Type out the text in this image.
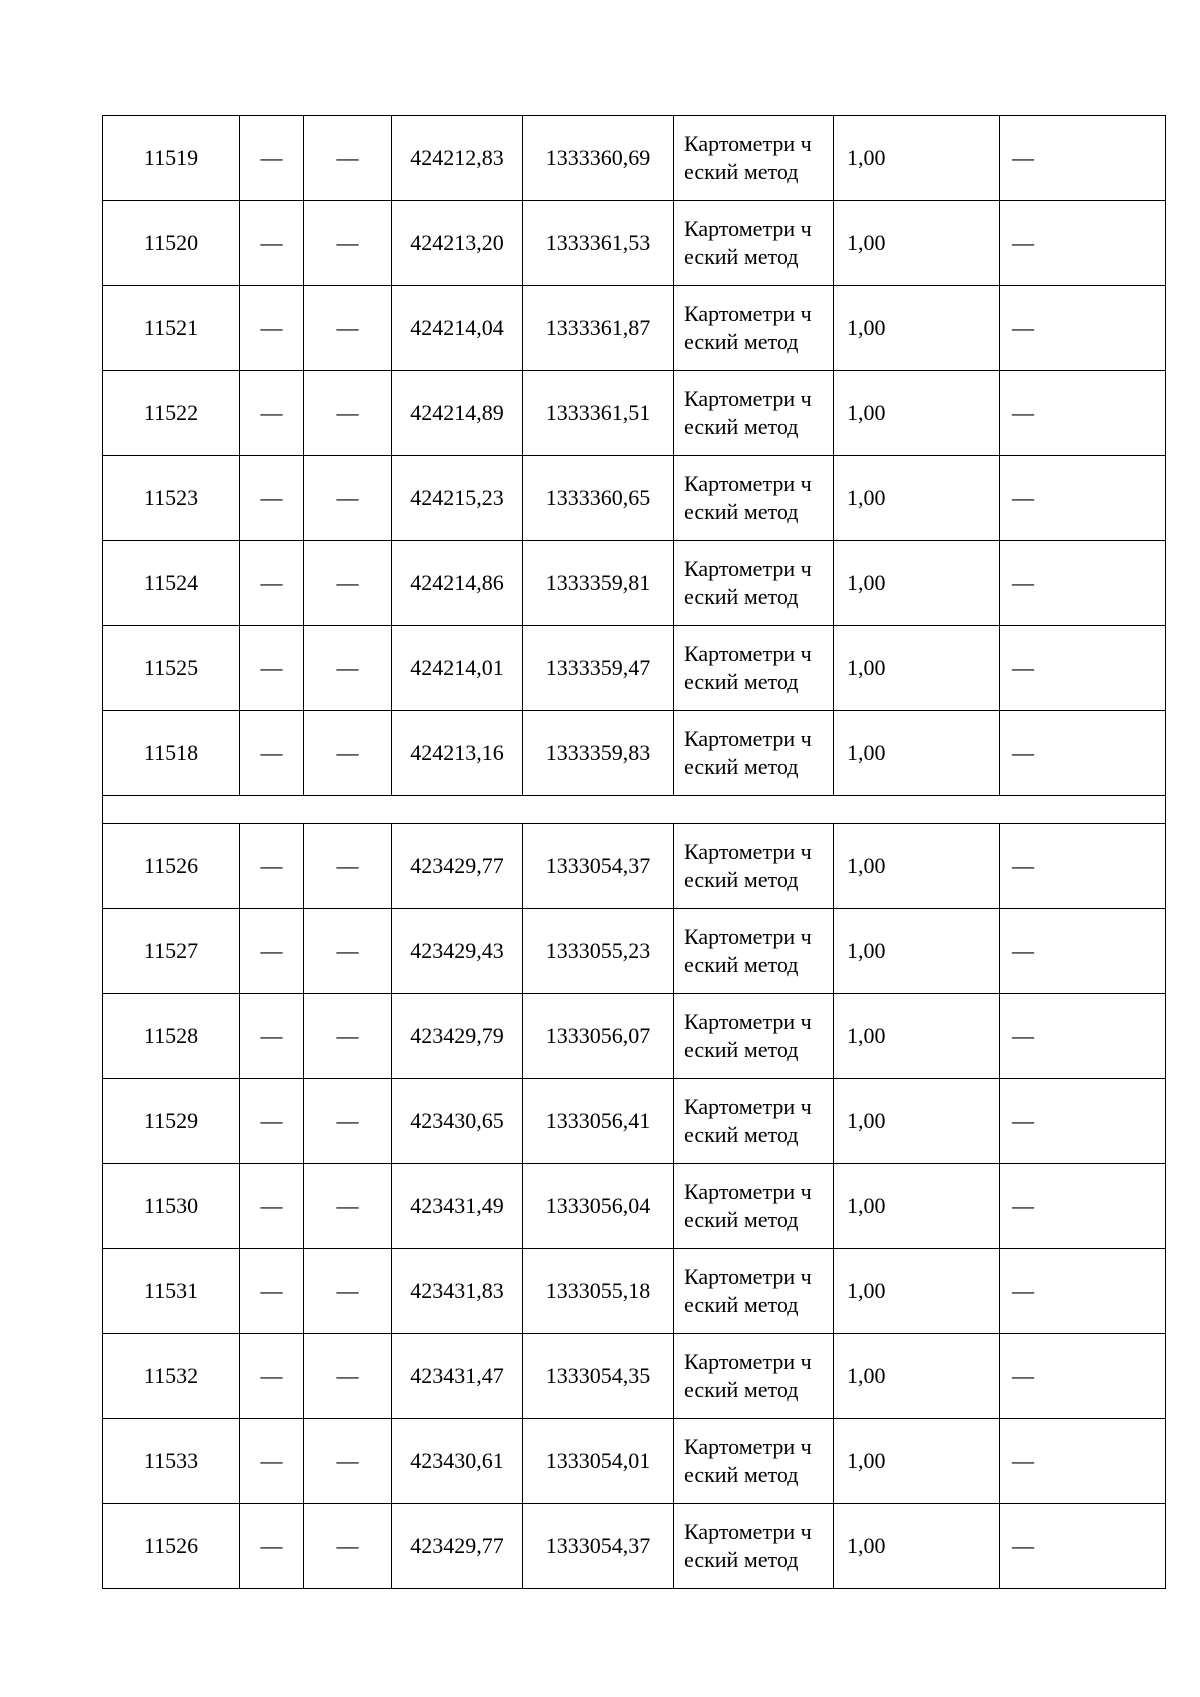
11519	—	—	424212,83	1333360,69	Картометри ческий метод	1,00	—
11520	—	—	424213,20	1333361,53	Картометри ческий метод	1,00	—
11521	—	—	424214,04	1333361,87	Картометри ческий метод	1,00	—
11522	—	—	424214,89	1333361,51	Картометри ческий метод	1,00	—
11523	—	—	424215,23	1333360,65	Картометри ческий метод	1,00	—
11524	—	—	424214,86	1333359,81	Картометри ческий метод	1,00	—
11525	—	—	424214,01	1333359,47	Картометри ческий метод	1,00	—
11518	—	—	424213,16	1333359,83	Картометри ческий метод	1,00	—

11526	—	—	423429,77	1333054,37	Картометри ческий метод	1,00	—
11527	—	—	423429,43	1333055,23	Картометри ческий метод	1,00	—
11528	—	—	423429,79	1333056,07	Картометри ческий метод	1,00	—
11529	—	—	423430,65	1333056,41	Картометри ческий метод	1,00	—
11530	—	—	423431,49	1333056,04	Картометри ческий метод	1,00	—
11531	—	—	423431,83	1333055,18	Картометри ческий метод	1,00	—
11532	—	—	423431,47	1333054,35	Картометри ческий метод	1,00	—
11533	—	—	423430,61	1333054,01	Картометри ческий метод	1,00	—
11526	—	—	423429,77	1333054,37	Картометри ческий метод	1,00	—
